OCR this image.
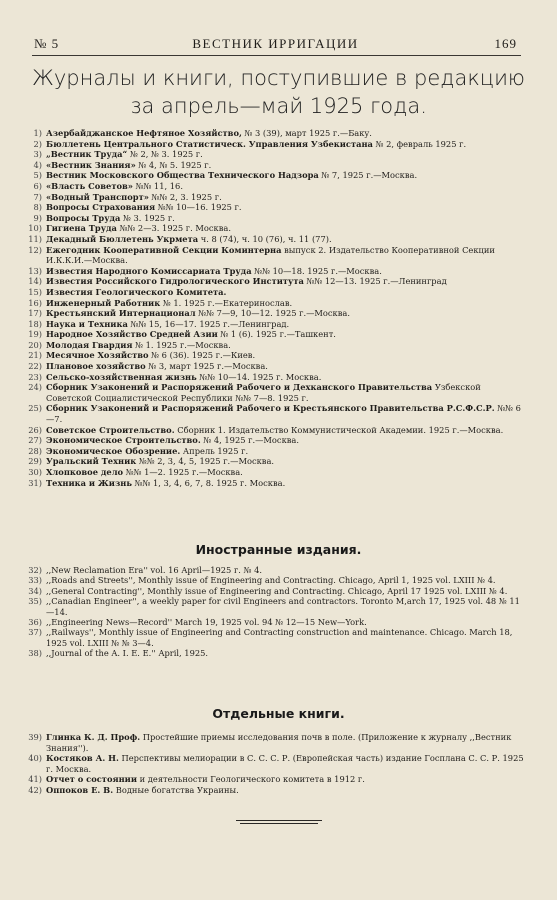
№ 5	ВЕСТНИК ИРРИГАЦИИ	169
Журналы и книги, поступившие в редакцию
за апрель—май 1925 года.
1) Азербайджанское Нефтяное Хозяйство, № 3 (39), март 1925 г.—Баку.
2) Бюллетень Центрального Статистическ. Управления Узбекистана № 2, февраль 1925 г.
3) „Вестник Труда“ № 2, № 3. 1925 г.
4) «Вестник Знания» № 4, № 5. 1925 г.
5) Вестник Московского Общества Технического Надзора № 7, 1925 г.—Москва.
6) «Власть Советов» №№ 11, 16.
7) «Водный Транспорт» №№ 2, 3. 1925 г.
8) Вопросы Страхования №№ 10—16. 1925 г.
9) Вопросы Труда № 3. 1925 г.
10) Гигиена Труда №№ 2—3. 1925 г. Москва.
11) Декадный Бюллетень Укрмета ч. 8 (74), ч. 10 (76), ч. 11 (77).
12) Ежегодник Кооперативной Секции Коминтерна выпуск 2. Издательство Кооперативной Секции И.К.К.И.—Москва.
13) Известия Народного Комиссариата Труда №№ 10—18. 1925 г.—Москва.
14) Известия Российского Гидрологического Института №№ 12—13. 1925 г.—Ленинград
15) Известия Геологического Комитета.
16) Инженерный Работник № 1. 1925 г.—Екатеринослав.
17) Крестьянский Интернационал №№ 7—9, 10—12. 1925 г.—Москва.
18) Наука и Техника №№ 15, 16—17. 1925 г.—Ленинград.
19) Народное Хозяйство Средней Азии № 1 (6). 1925 г.—Ташкент.
20) Молодая Гвардия № 1. 1925 г.—Москва.
21) Месячное Хозяйство № 6 (36). 1925 г.—Киев.
22) Плановое хозяйство № 3, март 1925 г.—Москва.
23) Сельско-хозяйственная жизнь №№ 10—14. 1925 г. Москва.
24) Сборник Узаконений и Распоряжений Рабочего и Дехканского Правительства Узбекской Советской Социалистической Республики №№ 7—8. 1925 г.
25) Сборник Узаконений и Распоряжений Рабочего и Крестьянского Правительства Р.С.Ф.С.Р. №№ 6—7.
26) Советское Строительство. Сборник 1. Издательство Коммунистической Академии. 1925 г.—Москва.
27) Экономическое Строительство. № 4, 1925 г.—Москва.
28) Экономическое Обозрение. Апрель 1925 г.
29) Уральский Техник №№ 2, 3, 4, 5, 1925 г.—Москва.
30) Хлопковое дело №№ 1—2. 1925 г.—Москва.
31) Техника и Жизнь №№ 1, 3, 4, 6, 7, 8. 1925 г. Москва.
Иностранные издания.
32) ,,New Reclamation Era'' vol. 16 April—1925 г. № 4.
33) ,,Roads and Streets'', Monthly issue of Engineering and Contracting. Chicago, April 1, 1925 vol. LXIII № 4.
34) ,,General Contracting'', Monthly issue of Engineering and Contracting. Chicago, April 17 1925 vol. LXIII № 4.
35) ,,Canadian Engineer'', a weekly paper for civil Engineers and contractors. Toronto M,arch 17, 1925 vol. 48 № 11—14.
36) ,,Engineering News—Record'' March 19, 1925 vol. 94 № 12—15 New—York.
37) ,,Railways'', Monthly issue of Engineering and Contracting construction and maintenance. Chicago. March 18, 1925 vol. LXIII № № 3—4.
38) ,,Journal of the A. I. E. E.'' April, 1925.
Отдельные книги.
39) Глинка К. Д. Проф. Простейшие приемы исследования почв в поле. (Приложение к журналу ,,Вестник Знания'').
40) Костяков А. Н. Перспективы мелиорации в С. С. С. Р. (Европейская часть) издание Госплана С. С. Р. 1925 г. Москва.
41) Отчет о состоянии и деятельности Геологического комитета в 1912 г.
42) Оппоков Е. В. Водные богатства Украины.
